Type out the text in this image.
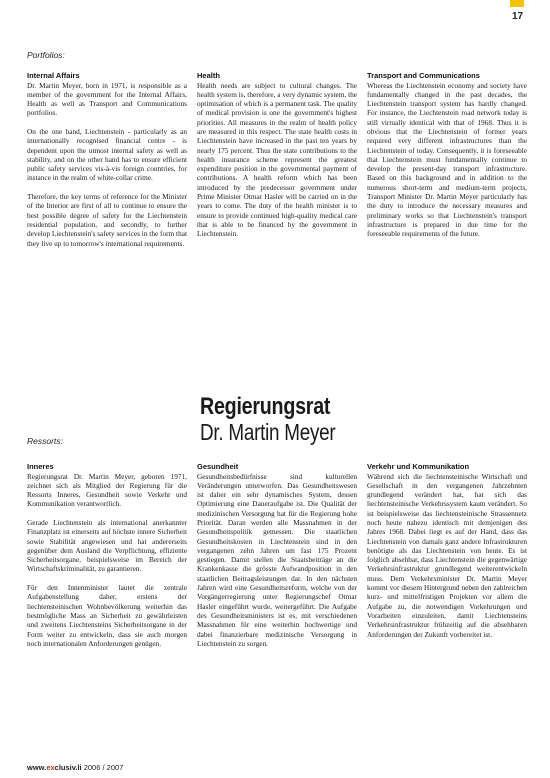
17
Portfolios:
Internal Affairs

Dr. Martin Meyer, born in 1971, is responsible as a member of the government for the Internal Affairs, Health as well as Transport and Communications portfolios.

On the one hand, Liechtenstein - particularly as an internationally recognised financial centre - is dependent upon the utmost internal safety as well as stability, and on the other hand has to ensure efficient public safety services vis-à-vis foreign countries, for instance in the realm of white-collar crime.

Therefore, the key terms of reference for the Minister of the Interior are first of all to continue to ensure the best possible degree of safety for the Liechtenstein residential population, and secondly, to further develop Liechtenstein's safety services in the form that they live up to tomorrow's international requirements.

Health

Health needs are subject to cultural changes. The health system is, therefore, a very dynamic system, the optimisation of which is a permanent task. The quality of medical provision is one the government's highest priorities. All measures in the realm of health policy are measured in this respect. The state health costs in Liechtenstein have increased in the past ten years by nearly 175 percent. Thus the state contributions to the health insurance scheme represent the greatest expenditure position in the governmental payment of contributions. A health reform which has been introduced by the predecessor government under Prime Minister Otmar Hasler will be carried on in the years to come. The duty of the health minister is to ensure to provide continued high-quality medical care that is able to be financed by the government in Liechtenstein.

Transport and Communications

Whereas the Liechtenstein economy and society have fundamentally changed in the past decades, the Liechtenstein transport system has hardly changed. For instance, the Liechtenstein road network today is still virtually identical with that of 1968. Thus it is obvious that the Liechtenstein of former years required very different infrastructures than the Liechtenstein of today. Consequently, it is foreseeable that Liechtenstein must fundamentally continue to develop the present-day transport infrastructure. Based on this background and in addition to the numerous short-term and medium-term projects, Transport Minister Dr. Martin Meyer particularly has the duty to introduce the necessary measures and preliminary works so that Liechtenstein's transport infrastructure is prepared in due time for the foreseeable requirements of the future.

Regierungsrat
Dr. Martin Meyer
Ressorts:
Inneres

Regierungsrat Dr. Martin Meyer, geboren 1971, zeichnet sich als Mitglied der Regierung für die Ressorts Inneres, Gesundheit sowie Verkehr und Kommunikation verantwortlich.

Gerade Liechtenstein als international anerkannter Finanzplatz ist einerseits auf höchste innere Sicherheit sowie Stabilität angewiesen und hat andererseits gegenüber dem Ausland die Verpflichtung, effiziente Sicherheitsorgane, beispielsweise im Bereich der Wirtschaftskriminalität, zu garantieren.

Für den Innenminister lautet die zentrale Aufgabenstellung daher, erstens der liechtensteinischen Wohnbevölkerung weiterhin das bestmögliche Mass an Sicherheit zu gewährleisten und zweitens Liechtensteins Sicherheitsorgane in der Form weiter zu entwickeln, dass sie auch morgen noch internationalen Anforderungen genügen.

Gesundheit

Gesundheitsbedürfnisse sind kulturellen Veränderungen unterworfen. Das Gesundheitswesen ist daher ein sehr dynamisches System, dessen Optimierung eine Daueraufgabe ist. Die Qualität der medizinischen Versorgung hat für die Regierung hohe Priorität. Daran werden alle Massnahmen in der Gesundheitspolitik gemessen. Die staatlichen Gesundheitskosten in Liechtenstein sind in den vergangenen zehn Jahren um fast 175 Prozent gestiegen. Damit stellen die Staatsbeiträge an die Krankenkasse die grösste Aufwandposition in den staatlichen Beitragsleistungen dar. In den nächsten Jahren wird eine Gesundheitsreform, welche von der Vorgängerregierung unter Regierungschef Otmar Hasler eingeführt wurde, weitergeführt. Die Aufgabe des Gesundheitsministers ist es, mit verschiedenen Massnahmen für eine weiterhin hochwertige und dabei finanzierbare medizinische Versorgung in Liechtenstein zu sorgen.

Verkehr und Kommunikation

Während sich die liechtensteinische Wirtschaft und Gesellschaft in den vergangenen Jahrzehnten grundlegend verändert hat, hat sich das liechtensteinische Verkehrssystem kaum verändert. So ist beispielsweise das liechtensteinische Strassennetz noch heute nahezu identisch mit demjenigen des Jahres 1968. Dabei liegt es auf der Hand, dass das Liechtenstein von damals ganz andere Infrastrukturen benötigte als das Liechtenstein von heute. Es ist folglich absehbar, dass Liechtenstein die gegenwärtige Verkehrsinfrastruktur grundlegend weiterentwickeln muss. Dem Verkehrsminister Dr. Martin Meyer kommt vor diesem Hintergrund neben den zahlreichen kurz- und mittelfristigen Projekten vor allem die Aufgabe zu, die notwendigen Vorkehrungen und Vorarbeiten einzuleiten, damit Liechtensteins Verkehrsinfrastruktur frühzeitig auf die absehbaren Anforderungen der Zukunft vorbereitet ist.

www.exclusiv.li 2006 / 2007
